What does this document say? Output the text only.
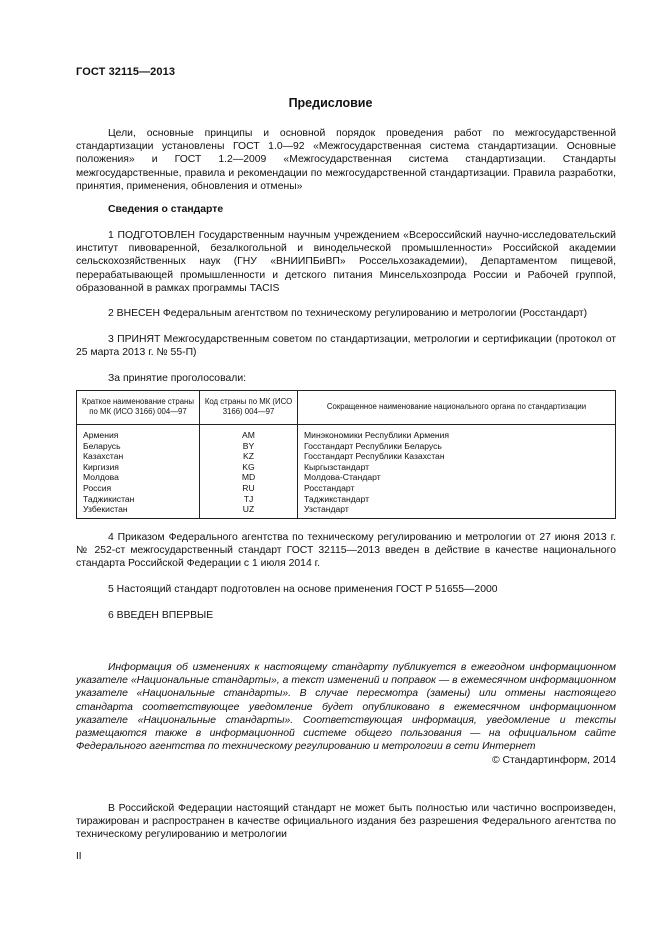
ГОСТ 32115—2013
Предисловие
Цели, основные принципы и основной порядок проведения работ по межгосударственной стандартизации установлены ГОСТ 1.0—92 «Межгосударственная система стандартизации. Основные положения» и ГОСТ 1.2—2009 «Межгосударственная система стандартизации. Стандарты межгосударственные, правила и рекомендации по межгосударственной стандартизации. Правила разработки, принятия, применения, обновления и отмены»
Сведения о стандарте
1 ПОДГОТОВЛЕН Государственным научным учреждением «Всероссийский научно-исследовательский институт пивоваренной, безалкогольной и винодельческой промышленности» Российской академии сельскохозяйственных наук (ГНУ «ВНИИПБиВП» Россельхозакадемии), Департаментом пищевой, перерабатывающей промышленности и детского питания Минсельхозпрода России и Рабочей группой, образованной в рамках программы TACIS
2 ВНЕСЕН Федеральным агентством по техническому регулированию и метрологии (Росстандарт)
3 ПРИНЯТ Межгосударственным советом по стандартизации, метрологии и сертификации (протокол от 25 марта 2013 г. № 55-П)
За принятие проголосовали:
Краткое наименование страны по МК (ИСО 3166) 004—97	Код страны по МК (ИСО 3166) 004—97	Сокращенное наименование национального органа по стандартизации
Армения	AM	Минэкономики Республики Армения
Беларусь	BY	Госстандарт Республики Беларусь
Казахстан	KZ	Госстандарт Республики Казахстан
Киргизия	KG	Кыргызстандарт
Молдова	MD	Молдова-Стандарт
Россия	RU	Росстандарт
Таджикистан	TJ	Таджикстандарт
Узбекистан	UZ	Узстандарт
4 Приказом Федерального агентства по техническому регулированию и метрологии от 27 июня 2013 г. № 252-ст межгосударственный стандарт ГОСТ 32115—2013 введен в действие в качестве национального стандарта Российской Федерации с 1 июля 2014 г.
5 Настоящий стандарт подготовлен на основе применения ГОСТ Р 51655—2000
6 ВВЕДЕН ВПЕРВЫЕ
Информация об изменениях к настоящему стандарту публикуется в ежегодном информационном указателе «Национальные стандарты», а текст изменений и поправок — в ежемесячном информационном указателе «Национальные стандарты». В случае пересмотра (замены) или отмены настоящего стандарта соответствующее уведомление будет опубликовано в ежемесячном информационном указателе «Национальные стандарты». Соответствующая информация, уведомление и тексты размещаются также в информационной системе общего пользования — на официальном сайте Федерального агентства по техническому регулированию и метрологии в сети Интернет
© Стандартинформ, 2014
В Российской Федерации настоящий стандарт не может быть полностью или частично воспроизведен, тиражирован и распространен в качестве официального издания без разрешения Федерального агентства по техническому регулированию и метрологии
II
